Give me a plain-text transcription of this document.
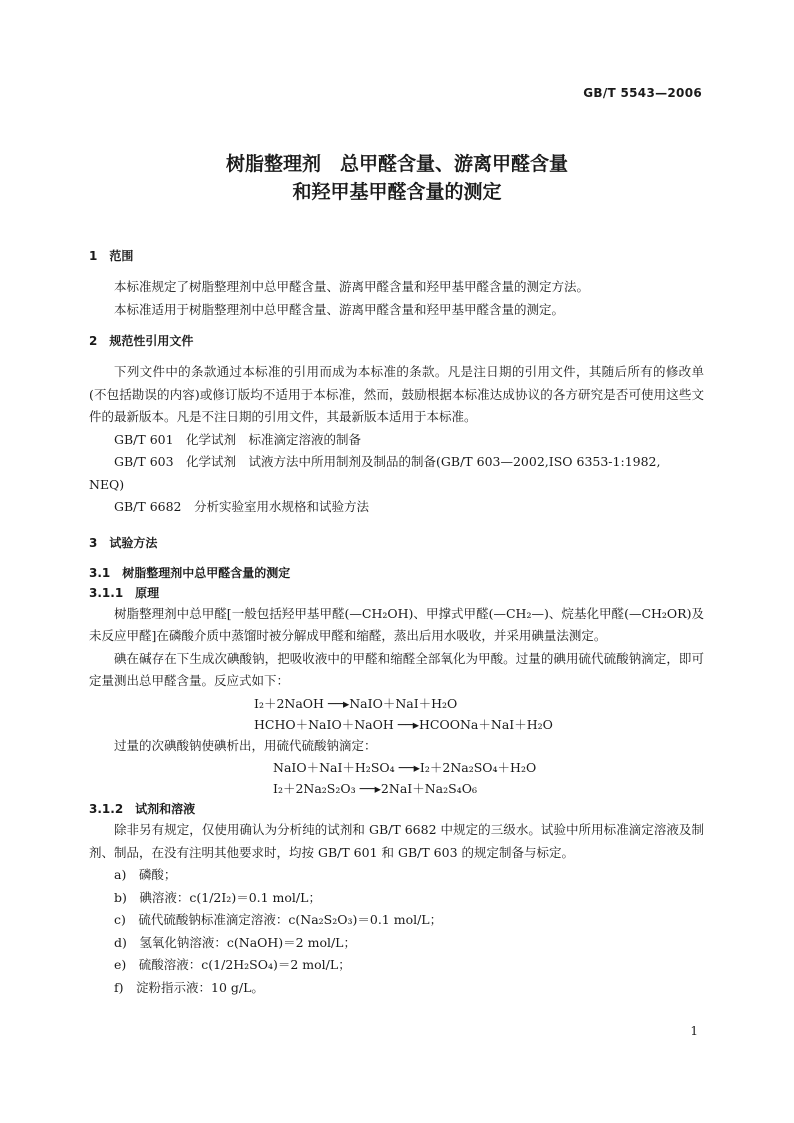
GB/T 5543—2006
树脂整理剂　总甲醛含量、游离甲醛含量
和羟甲基甲醛含量的测定
1　范围

本标准规定了树脂整理剂中总甲醛含量、游离甲醛含量和羟甲基甲醛含量的测定方法。

本标准适用于树脂整理剂中总甲醛含量、游离甲醛含量和羟甲基甲醛含量的测定。

2　规范性引用文件

下列文件中的条款通过本标准的引用而成为本标准的条款。凡是注日期的引用文件，其随后所有的修改单(不包括勘误的内容)或修订版均不适用于本标准，然而，鼓励根据本标准达成协议的各方研究是否可使用这些文件的最新版本。凡是不注日期的引用文件，其最新版本适用于本标准。

GB/T 601　化学试剂　标准滴定溶液的制备

GB/T 603　化学试剂　试液方法中所用制剂及制品的制备(GB/T 603—2002,ISO 6353-1:1982,

NEQ)

GB/T 6682　分析实验室用水规格和试验方法

3　试验方法
3.1　树脂整理剂中总甲醛含量的测定
3.1.1　原理

树脂整理剂中总甲醛[一般包括羟甲基甲醛(—CH₂OH)、甲撑式甲醛(—CH₂—)、烷基化甲醛(—CH₂OR)及未反应甲醛]在磷酸介质中蒸馏时被分解成甲醛和缩醛，蒸出后用水吸收，并采用碘量法测定。

碘在碱存在下生成次碘酸钠，把吸收液中的甲醛和缩醛全部氧化为甲酸。过量的碘用硫代硫酸钠滴定，即可定量测出总甲醛含量。反应式如下：

I₂＋2NaOH ──▸NaIO＋NaI＋H₂O

HCHO＋NaIO＋NaOH ──▸HCOONa＋NaI＋H₂O

过量的次碘酸钠使碘析出，用硫代硫酸钠滴定：

NaIO＋NaI＋H₂SO₄ ──▸I₂＋2Na₂SO₄＋H₂O

I₂＋2Na₂S₂O₃ ──▸2NaI＋Na₂S₄O₆

3.1.2　试剂和溶液

除非另有规定，仅使用确认为分析纯的试剂和 GB/T 6682 中规定的三级水。试验中所用标准滴定溶液及制剂、制品，在没有注明其他要求时，均按 GB/T 601 和 GB/T 603 的规定制备与标定。

a)　磷酸；

b)　碘溶液：c(1/2I₂)＝0.1 mol/L；

c)　硫代硫酸钠标准滴定溶液：c(Na₂S₂O₃)＝0.1 mol/L；

d)　氢氧化钠溶液：c(NaOH)＝2 mol/L；

e)　硫酸溶液：c(1/2H₂SO₄)＝2 mol/L；

f)　淀粉指示液：10 g/L。

1
